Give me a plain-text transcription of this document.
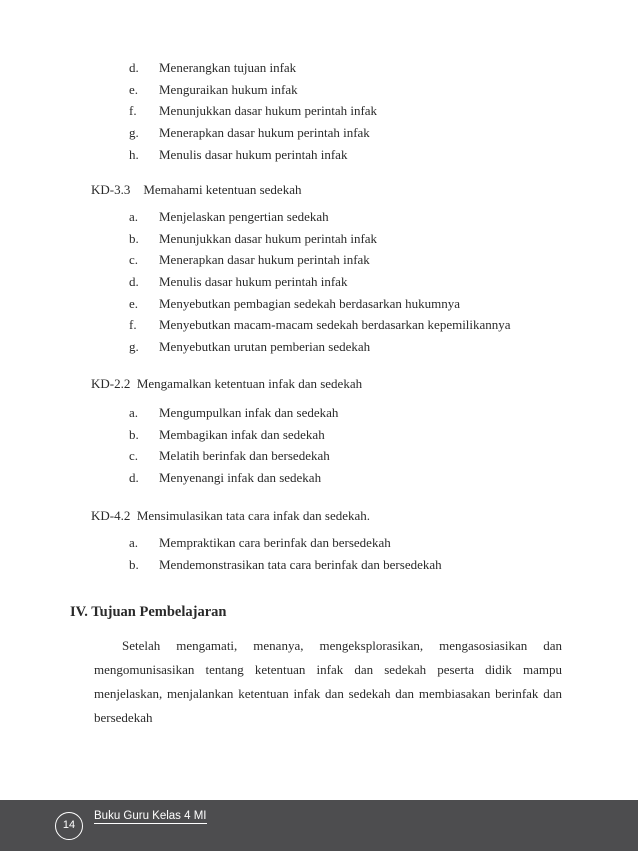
d. Menerangkan tujuan infak
e. Menguraikan hukum infak
f. Menunjukkan dasar hukum perintah infak
g. Menerapkan dasar hukum perintah infak
h. Menulis dasar hukum perintah infak
KD-3.3    Memahami ketentuan sedekah
a. Menjelaskan pengertian sedekah
b. Menunjukkan dasar hukum perintah infak
c. Menerapkan dasar hukum perintah infak
d. Menulis dasar hukum perintah infak
e. Menyebutkan pembagian sedekah berdasarkan hukumnya
f. Menyebutkan macam-macam sedekah berdasarkan kepemilikannya
g. Menyebutkan urutan pemberian sedekah
KD-2.2  Mengamalkan ketentuan infak dan sedekah
a. Mengumpulkan infak dan sedekah
b. Membagikan infak dan sedekah
c. Melatih berinfak dan bersedekah
d. Menyenangi infak dan sedekah
KD-4.2  Mensimulasikan tata cara infak dan sedekah.
a. Mempraktikan cara berinfak dan bersedekah
b. Mendemonstrasikan tata cara berinfak dan bersedekah
IV. Tujuan Pembelajaran

Setelah mengamati, menanya, mengeksplorasikan, mengasosiasikan dan mengomunisasikan tentang ketentuan infak dan sedekah peserta didik mampu menjelaskan, menjalankan ketentuan infak dan sedekah dan membiasakan berinfak dan bersedekah

14
Buku Guru Kelas 4 MI
